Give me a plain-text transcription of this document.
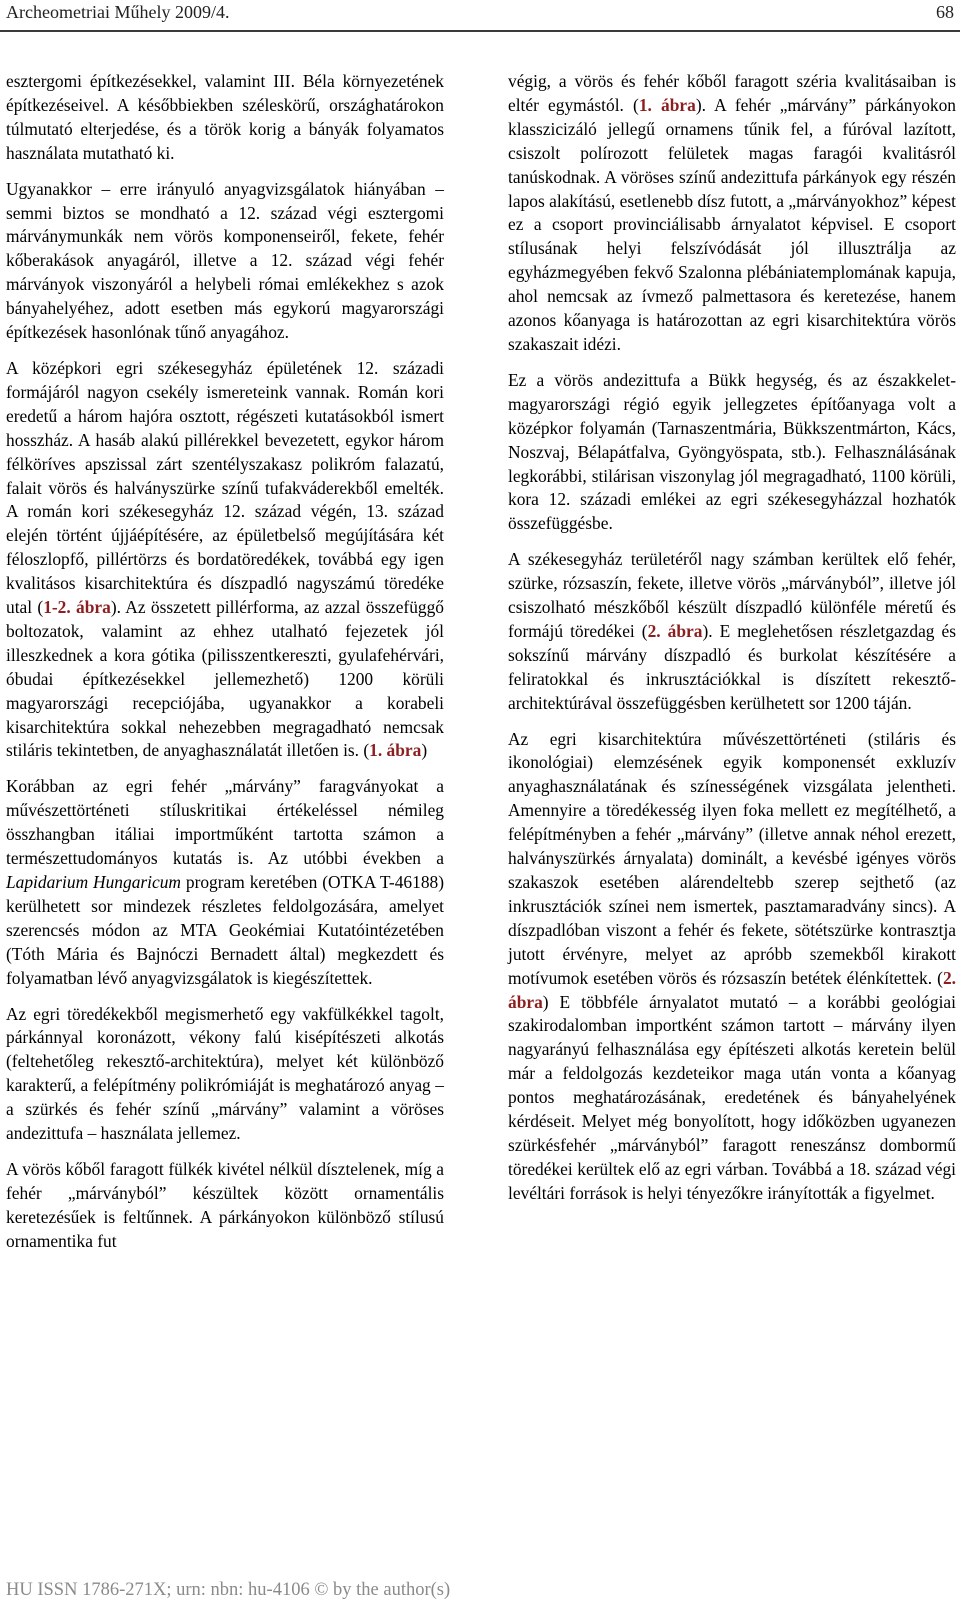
Archeometriai Műhely 2009/4.	68

esztergomi építkezésekkel, valamint III. Béla környezetének építkezéseivel. A későbbiekben széleskörű, országhatárokon túlmutató elterjedése, és a török korig a bányák folyamatos használata mutatható ki.

Ugyanakkor – erre irányuló anyagvizsgálatok hiányában – semmi biztos se mondható a 12. század végi esztergomi márványmunkák nem vörös komponenseiről, fekete, fehér kőberakások anyagáról, illetve a 12. század végi fehér márványok viszonyáról a helybeli római emlékekhez s azok bányahelyéhez, adott esetben más egykorú magyarországi építkezések hasonlónak tűnő anyagához.

A középkori egri székesegyház épületének 12. századi formájáról nagyon csekély ismereteink vannak. Román kori eredetű a három hajóra osztott, régészeti kutatásokból ismert hosszház. A hasáb alakú pillérekkel bevezetett, egykor három félköríves apszissal zárt szentélyszakasz polikróm falazatú, falait vörös és halványszürke színű tufakváderekből emelték. A román kori székesegyház 12. század végén, 13. század elején történt újjáépítésére, az épületbelső megújítására két féloszlopfő, pillértörzs és bordatöredékek, továbbá egy igen kvalitásos kisarchitektúra és díszpadló nagyszámú töredéke utal (1-2. ábra). Az összetett pillérforma, az azzal összefüggő boltozatok, valamint az ehhez utalható fejezetek jól illeszkednek a kora gótika (pilisszentkereszti, gyulafehérvári, óbudai építkezésekkel jellemezhető) 1200 körüli magyarországi recepciójába, ugyanakkor a korabeli kisarchitektúra sokkal nehezebben megragadható nemcsak stiláris tekintetben, de anyaghasználatát illetően is. (1. ábra)

Korábban az egri fehér „márvány” faragványokat a művészettörténeti stíluskritikai értékeléssel némileg összhangban itáliai importműként tartotta számon a természettudományos kutatás is. Az utóbbi években a Lapidarium Hungaricum program keretében (OTKA T-46188) kerülhetett sor mindezek részletes feldolgozására, amelyet szerencsés módon az MTA Geokémiai Kutatóintézetében (Tóth Mária és Bajnóczi Bernadett által) megkezdett és folyamatban lévő anyagvizsgálatok is kiegészítettek.

Az egri töredékekből megismerhető egy vakfülkékkel tagolt, párkánnyal koronázott, vékony falú kisépítészeti alkotás (feltehetőleg rekesztő-architektúra), melyet két különböző karakterű, a felépítmény polikrómiáját is meghatározó anyag – a szürkés és fehér színű „márvány” valamint a vöröses andezittufa – használata jellemez.

A vörös kőből faragott fülkék kivétel nélkül dísztelenek, míg a fehér „márványból” készültek között ornamentális keretezésűek is feltűnnek. A párkányokon különböző stílusú ornamentika fut

végig, a vörös és fehér kőből faragott széria kvalitásaiban is eltér egymástól. (1. ábra). A fehér „márvány” párkányokon klasszicizáló jellegű ornamens tűnik fel, a fúróval lazított, csiszolt polírozott felületek magas faragói kvalitásról tanúskodnak. A vöröses színű andezittufa párkányok egy részén lapos alakítású, esetlenebb dísz futott, a „márványokhoz” képest ez a csoport provinciálisabb árnyalatot képvisel. E csoport stílusának helyi felszívódását jól illusztrálja az egyházmegyében fekvő Szalonna plébániatemplomának kapuja, ahol nemcsak az ívmező palmettasora és keretezése, hanem azonos kőanyaga is határozottan az egri kisarchitektúra vörös szakaszait idézi.

Ez a vörös andezittufa a Bükk hegység, és az északkelet-magyarországi régió egyik jellegzetes építőanyaga volt a középkor folyamán (Tarnaszentmária, Bükkszentmárton, Kács, Noszvaj, Bélapátfalva, Gyöngyöspata, stb.). Felhasználásának legkorábbi, stilárisan viszonylag jól megragadható, 1100 körüli, kora 12. századi emlékei az egri székesegyházzal hozhatók összefüggésbe.

A székesegyház területéről nagy számban kerültek elő fehér, szürke, rózsaszín, fekete, illetve vörös „márványból”, illetve jól csiszolható mészkőből készült díszpadló különféle méretű és formájú töredékei (2. ábra). E meglehetősen részletgazdag és sokszínű márvány díszpadló és burkolat készítésére a feliratokkal és inkrusztációkkal is díszített rekesztő-architektúrával összefüggésben kerülhetett sor 1200 táján.

Az egri kisarchitektúra művészettörténeti (stiláris és ikonológiai) elemzésének egyik komponensét exkluzív anyaghasználatának és színességének vizsgálata jelentheti. Amennyire a töredékesség ilyen foka mellett ez megítélhető, a felépítményben a fehér „márvány” (illetve annak néhol erezett, halványszürkés árnyalata) dominált, a kevésbé igényes vörös szakaszok esetében alárendeltebb szerep sejthető (az inkrusztációk színei nem ismertek, pasztamaradvány sincs). A díszpadlóban viszont a fehér és fekete, sötétszürke kontrasztja jutott érvényre, melyet az apróbb szemekből kirakott motívumok esetében vörös és rózsaszín betétek élénkítettek. (2. ábra) E többféle árnyalatot mutató – a korábbi geológiai szakirodalomban importként számon tartott – márvány ilyen nagyarányú felhasználása egy építészeti alkotás keretein belül már a feldolgozás kezdeteikor maga után vonta a kőanyag pontos meghatározásának, eredetének és bányahelyének kérdéseit. Melyet még bonyolított, hogy időközben ugyanezen szürkésfehér „márványból” faragott reneszánsz dombormű töredékei kerültek elő az egri várban. Továbbá a 18. század végi levéltári források is helyi tényezőkre irányították a figyelmet.

HU ISSN 1786-271X; urn: nbn: hu-4106 © by the author(s)
